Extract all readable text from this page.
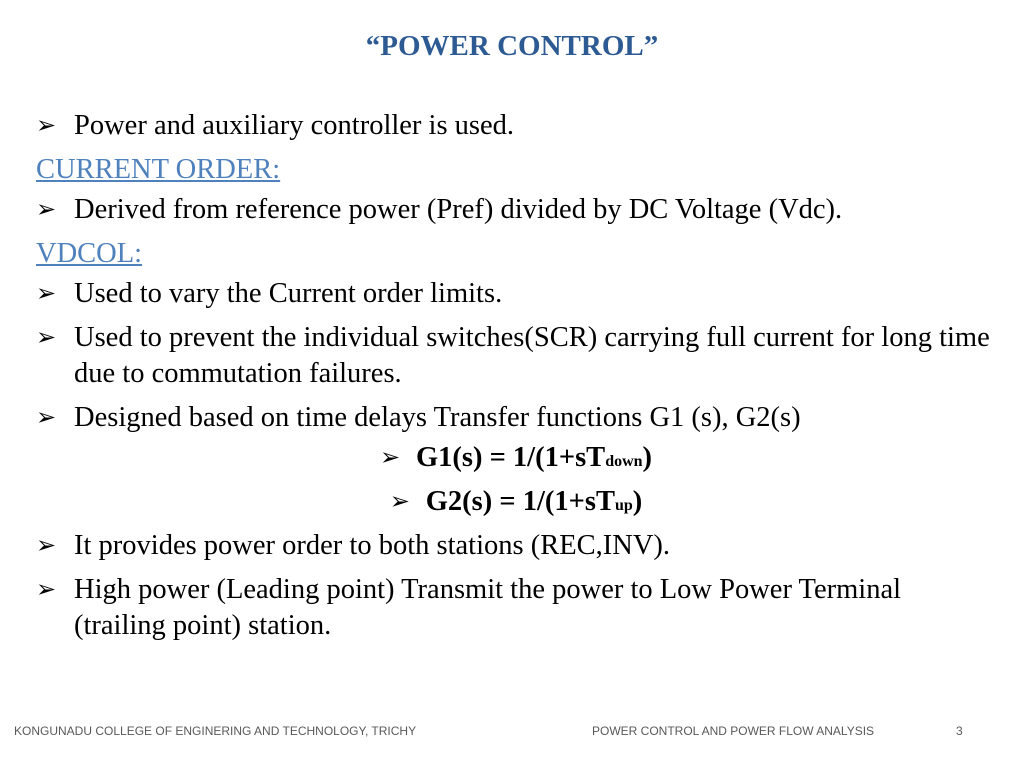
“POWER CONTROL”
➢ Power and auxiliary controller is used.
CURRENT ORDER:
➢ Derived from reference power (Pref) divided by DC Voltage (Vdc).
VDCOL:
➢ Used to vary the Current order limits.
➢ Used to prevent the individual switches(SCR) carrying full current for long time due to commutation failures.
➢ Designed based on time delays Transfer functions G1 (s), G2(s)
➢ G1(s) = 1/(1+sTdown)
➢ G2(s) = 1/(1+sTup)
➢ It provides power order to both stations (REC,INV).
➢ High power (Leading point) Transmit the power to Low Power Terminal (trailing point) station.
KONGUNADU COLLEGE OF ENGINERING AND TECHNOLOGY, TRICHY	POWER CONTROL AND POWER FLOW ANALYSIS	3
